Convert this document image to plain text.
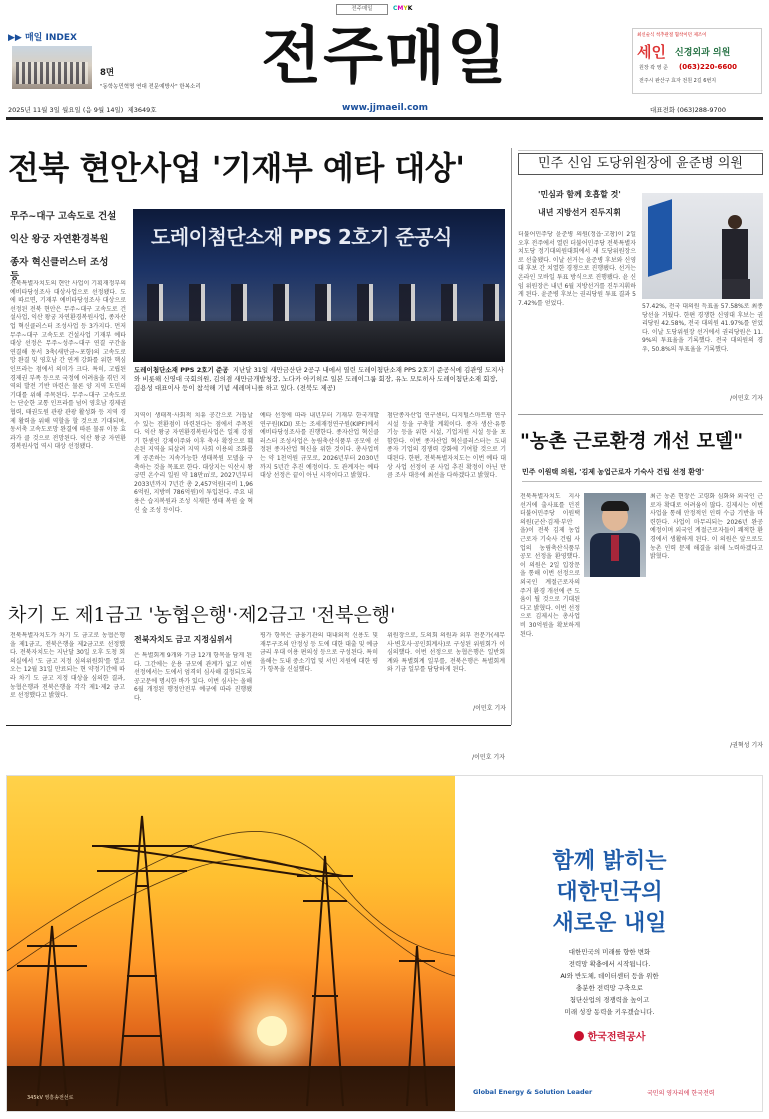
전주매일	CMYK
▶▶ 매일 INDEX
8면
"동학농민혁명 연대 전문예방사" 한복소리 전주매일	최신술식 척추관절 협착이던 제조이
세인 신경외과 의원
원장 곽 영 준 (063)220-6600
전주시 완산구 효자 전원 2길 6번지
2025년 11월 3일 월요일 (음 9월 14일) 제3649호	www.jjmaeil.com	대표전화 (063)288-9700
전북 현안사업 '기재부 예타 대상'
무주~대구 고속도로 건설
익산 왕궁 자연환경복원
종자 혁신클러스터 조성 등
전북특별자치도의 현안 사업이 기획재정부의 예비타당성조사 대상사업으로 선정됐다. 도에 따르면, 기재부 예비타당성조사 대상으로 선정된 전북 현안은 무주~대구 고속도로 건설사업, 익산 왕궁 자연환경복원사업, 종자산업 혁신클러스터 조성사업 등 3가지다. 먼저 무주~대구 고속도로 건설사업 기재부 예타 대상 선정은 무주~성주~대구 연결 구간을 연결해 동서 3축(새만금~포항)의 고속도로망 완결 및 영호남 간 연계 강화를 위한 핵심 인프라는 점에서 의미가 크다. 특히, 고립된 경제권 부족 등으로 국정에 어려움을 겪던 지역의 발전 기반 마련은 물론 양 지역 도민의 기대를 위해 주목된다. 무주~대구 고속도로는 단순한 교통 인프라를 넘어 영호남 경제권 협력, 태권도원 관광 관광 활성화 등 지역 경제 활력을 위해 역할을 할 것으로 기대되며, 동서축 고속도로망 완결에 따른 물류 이동 효과가 클 것으로 전망된다. 익산 왕궁 자연환경복원사업 역시 대상 선정됐다.
도레이첨단소재 PPS 2호기 준공식
도레이첨단소재 PPS 2호기 준공 지난달 31일 새만금산단 2공구 내에서 열린 도레이첨단소재 PPS 2호기 준공식에 김관영 도지사와 비롯해 신영대 국회의원, 김의겸 새만금개발청장, 노다카 아키히로 일본 도레이그룹 회장, 유노 모토히사 도레이첨단소재 회장, 김용성 대표이사 등이 참석해 기념 세레머니를 하고 있다. (전북도 제공)
지역이 생태적·사회적 치유 공간으로 거듭날 수 있는 전환점이 마련된다는 점에서 주목된다. 익산 왕궁 자연환경복원사업은 일제 강점기 한센인 강제이주와 이후 축사 확장으로 훼손된 지역을 되살려 지역 사회 이용의 조화롭게 공존하는 지속가능한 생태복원 모델을 구축하는 것을 목표로 한다. 대상지는 익산시 왕궁면 온수리 일원 약 18만㎡로, 2027년부터 2033년까지 7년간 총 2,457억원(국비 1,966억원, 지방비 786억원)이 투입된다. 주요 내용은 습지복원과 조성 식재한 생태 복원 숲 혁신 숲 조성 등이다.
예타 선정에 따라 내년부터 기재부 한국개발연구원(KDI) 또는 조세재정연구원(KIPF)에서 예비타당성조사를 진행한다. 종자산업 혁신클러스터 조성사업은 농림축산식품부 공모에 선정된 종자산업 혁신을 위한 것이다. 총사업비는 약 1천억원 규모로, 2026년부터 2030년까지 5년간 추진 예정이다. 도 관계자는 예타 대상 선정은 끝이 아닌 시작이다고 밝혔다.
첨단종자산업 연구센터, 디지털스마트팜 연구 시설 등을 구축할 계획이다. 종자 생산·유통 기능 등을 위한 시설, 기업지원 시설 등을 포함한다. 이번 종자산업 혁신클러스터는 도내 종자 기업의 경쟁력 강화에 기여할 것으로 기대된다. 한편, 전북특별자치도는 이번 예타 대상 사업 선정이 곧 사업 추진 확정이 아닌 만큼 조사 대응에 최선을 다하겠다고 밝혔다.
/이민호 기자
민주 신임 도당위원장에 윤준병 의원
'민심과 함께 호흡할 것'
내년 지방선거 진두지휘
더불어민주당 윤준병 의원(정읍·고창)이 2일 오후 전주에서 열린 더불어민주당 전북특별자치도당 정기대의원대회에서 새 도당위원장으로 선출됐다. 이날 선거는 윤준병 후보와 신영대 후보 간 치열한 경쟁으로 진행됐다. 선거는 온라인 모바일 투표 방식으로 진행됐다. 윤 신임 위원장은 내년 6월 지방선거를 진두지휘하게 된다. 윤준병 후보는 권리당원 투표 결과 57.42%를 얻었다.	57.42%, 전국 대의원 득표율 57.58%로 최종 당선을 거뒀다. 한편 경쟁한 신영대 후보는 권리당원 42.58%, 전국 대의원 41.97%를 얻었다. 이날 도당위원장 선거에서 권리당원은 11.9%의 투표율을 기록했다. 전국 대의원의 경우, 50.8%의 투표율을 기록했다.
/이민호 기자
"농촌 근로환경 개선 모델"
민주 이원택 의원, '김제 농업근로자 기숙사 건립 선정 환영'
전북특별자치도 지사 선거에 출사표를 던진 더불어민주당 이원택 의원(군산·김제·부안을)이 전북 김제 농업근로자 기숙사 건립 사업의 농림축산식품부 공모 선정을 환영했다. 이 의원은 2일 입장문을 통해 이번 선정으로 외국인 계절근로자의 주거 환경 개선에 큰 도움이 될 것으로 기대된다고 밝혔다. 이번 선정으로 김제시는 총사업비 30억원을 확보하게 된다.
최근 농촌 현장은 고령화 심화와 외국인 근로자 확대로 어려움이 많다. 김제시는 이번 사업을 통해 안정적인 인력 수급 기반을 마련한다. 사업이 마무리되는 2026년 완공 예정이며 외국인 계절근로자들이 쾌적한 환경에서 생활하게 된다. 이 의원은 앞으로도 농촌 인력 문제 해결을 위해 노력하겠다고 밝혔다.
/권혁성 기자
차기 도 제1금고 '농협은행'·제2금고 '전북은행'
전북특별자치도가 차기 도 금고로 농협은행을 제1금고, 전북은행을 제2금고로 선정했다. 전북자치도는 지난달 30일 오후 도청 회의실에서 '도 금고 지정 심의위원회'를 열고 오는 12월 31일 만료되는 현 약정기간에 따라 차기 도 금고 지정 대상을 심의한 결과, 농협은행과 전북은행을 각각 제1·제2 금고로 선정했다고 밝혔다.
전북자치도 금고 지정심위서
은 특별회계 9개와 기금 12개 항목을 담게 된다. 그간에는 운용 규모에 관계가 없고 이번 선정에서는 도에서 엄격히 심사해 결정되도록 공고문에 명시한 바가 있다. 이번 심사는 올해 6월 개정된 행정안전부 예규에 따라 진행됐다.
평가 항목은 금융기관의 대내외적 신용도 및 재무구조의 안정성 등 도에 대한 대출 및 예금금리 우대 이용 편의성 등으로 구성된다. 특히 올해는 도내 중소기업 및 서민 지원에 대한 평가 항목을 신설했다.
위원장으로, 도의회 의원과 외부 전문가(세무사·변호사·공인회계사)로 구성된 위원회가 이 심의했다. 이번 선정으로 농협은행은 일반회계와 특별회계 일부를, 전북은행은 특별회계와 기금 일부를 담당하게 된다.
/이민호 기자
345kV 영흥송전선로
함께 밝히는
대한민국의
새로운 내일
대한민국의 미래를 향한 변화
전력망 확충에서 시작됩니다.
AI와 반도체, 데이터센터 등을 위한
충분한 전력망 구축으로
첨단산업의 경쟁력을 높이고
미래 성장 동력을 키우겠습니다.
한국전력공사
Global Energy & Solution Leader	국민의 영자리에 한국전력
